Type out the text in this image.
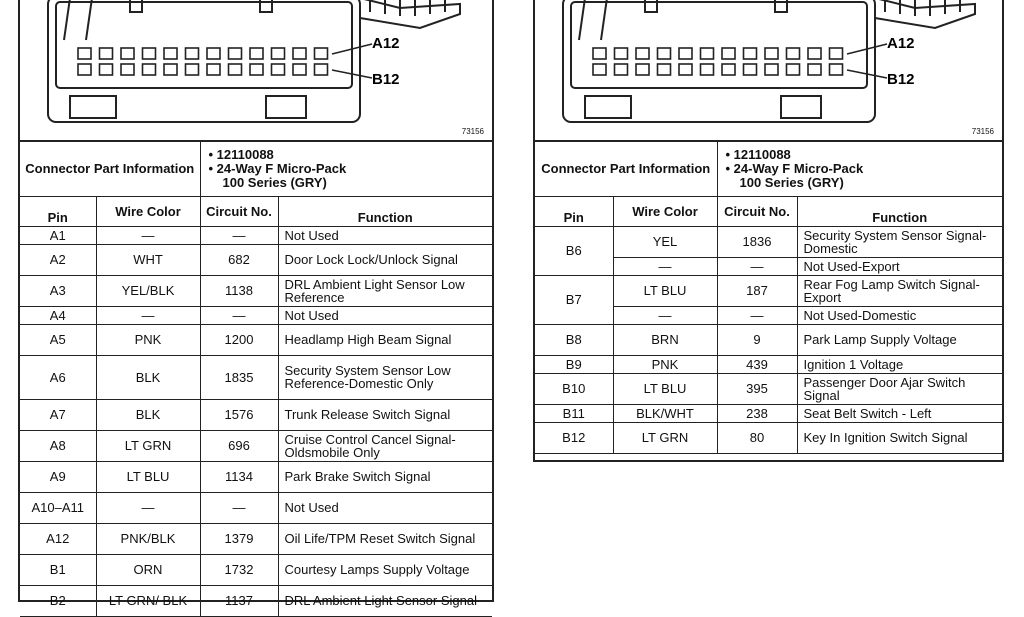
A12
B12
73156
Connector Part Information		• 12110088
• 24-Way F Micro-Pack
100 Series (GRY)	

Pin	Wire Color	Circuit No.	Function
A1	—	—	Not Used
A2	WHT	682	Door Lock Lock/Unlock Signal
A3	YEL/BLK	1138	DRL Ambient Light Sensor Low Reference
A4	—	—	Not Used
A5	PNK	1200	Headlamp High Beam Signal
A6	BLK	1835	Security System Sensor Low Reference-Domestic Only
A7	BLK	1576	Trunk Release Switch Signal
A8	LT GRN	696	Cruise Control Cancel Signal-Oldsmobile Only
A9	LT BLU	1134	Park Brake Switch Signal
A10–A11	—	—	Not Used
A12	PNK/BLK	1379	Oil Life/TPM Reset Switch Signal
B1	ORN	1732	Courtesy Lamps Supply Voltage
B2	LT GRN/ BLK	1137	DRL Ambient Light Sensor Signal
A12
B12
73156
Connector Part Information		• 12110088
• 24-Way F Micro-Pack
100 Series (GRY)	

Pin	Wire Color	Circuit No.	Function
B6	YEL	1836	Security System Sensor Signal-Domestic
	—	—	Not Used-Export
B7	LT BLU	187	Rear Fog Lamp Switch Signal-Export
	—	—	Not Used-Domestic
B8	BRN	9	Park Lamp Supply Voltage
B9	PNK	439	Ignition 1 Voltage
B10	LT BLU	395	Passenger Door Ajar Switch Signal
B11	BLK/WHT	238	Seat Belt Switch - Left
B12	LT GRN	80	Key In Ignition Switch Signal
